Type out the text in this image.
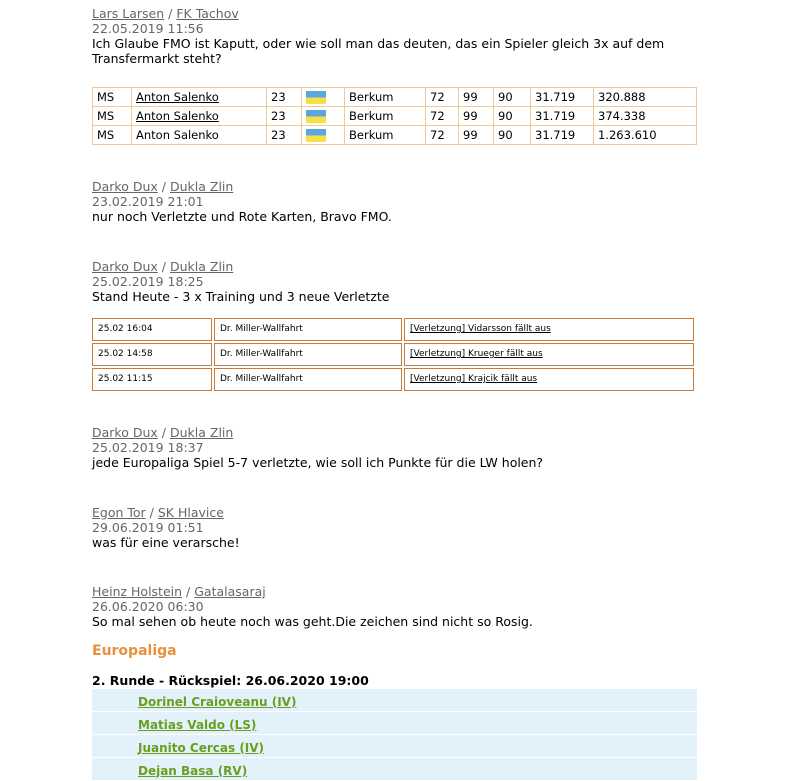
Lars Larsen / FK Tachov
22.05.2019 11:56
Ich Glaube FMO ist Kaputt, oder wie soll man das deuten, das ein Spieler gleich 3x auf dem Transfermarkt steht?
MS	Anton Salenko	23		Berkum	72	99	90	31.719	320.888
MS	Anton Salenko	23		Berkum	72	99	90	31.719	374.338
MS	Anton Salenko	23		Berkum	72	99	90	31.719	1.263.610
Darko Dux / Dukla Zlin
23.02.2019 21:01
nur noch Verletzte und Rote Karten, Bravo FMO.
Darko Dux / Dukla Zlin
25.02.2019 18:25
Stand Heute - 3 x Training und 3 neue Verletzte
25.02 16:04	Dr. Miller-Wallfahrt	[Verletzung] Vidarsson fällt aus
25.02 14:58	Dr. Miller-Wallfahrt	[Verletzung] Krueger fällt aus
25.02 11:15	Dr. Miller-Wallfahrt	[Verletzung] Krajcik fällt aus
Darko Dux / Dukla Zlin
25.02.2019 18:37
jede Europaliga Spiel 5-7 verletzte, wie soll ich Punkte für die LW holen?
Egon Tor / SK Hlavice
29.06.2019 01:51
was für eine verarsche!
Heinz Holstein / Gatalasaraj
26.06.2020 06:30
So mal sehen ob heute noch was geht.Die zeichen sind nicht so Rosig.
Europaliga
2. Runde - Rückspiel: 26.06.2020 19:00
	Dorinel Craioveanu (IV)
	Matias Valdo (LS)
	Juanito Cercas (IV)
	Dejan Basa (RV)
